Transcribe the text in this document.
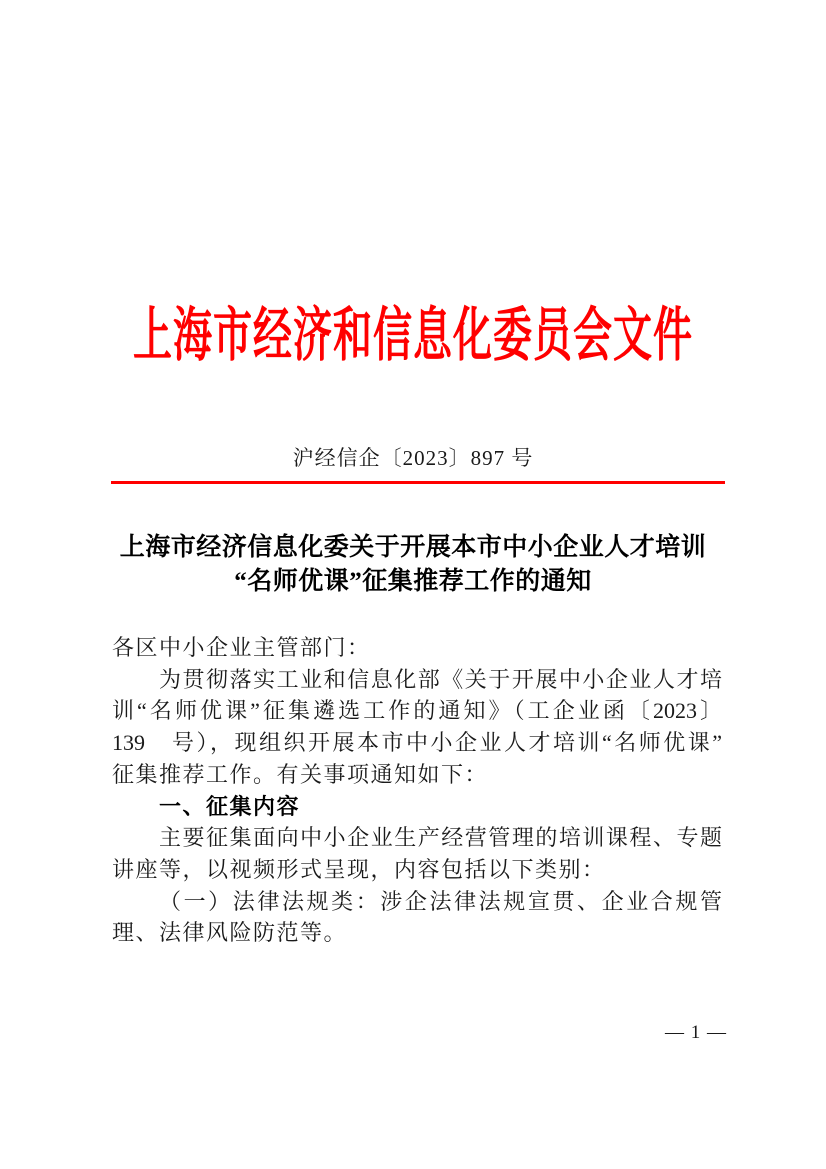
上海市经济和信息化委员会文件
沪经信企〔2023〕897 号
上海市经济信息化委关于开展本市中小企业人才培训
“名师优课”征集推荐工作的通知
各区中小企业主管部门：
为贯彻落实工业和信息化部《关于开展中小企业人才培
训“名师优课”征集遴选工作的通知》（工企业函〔2023〕
139　号），现组织开展本市中小企业人才培训“名师优课”
征集推荐工作。有关事项通知如下：
一、征集内容
主要征集面向中小企业生产经营管理的培训课程、专题
讲座等，以视频形式呈现，内容包括以下类别：
（一）法律法规类：涉企法律法规宣贯、企业合规管
理、法律风险防范等。
— 1 —
